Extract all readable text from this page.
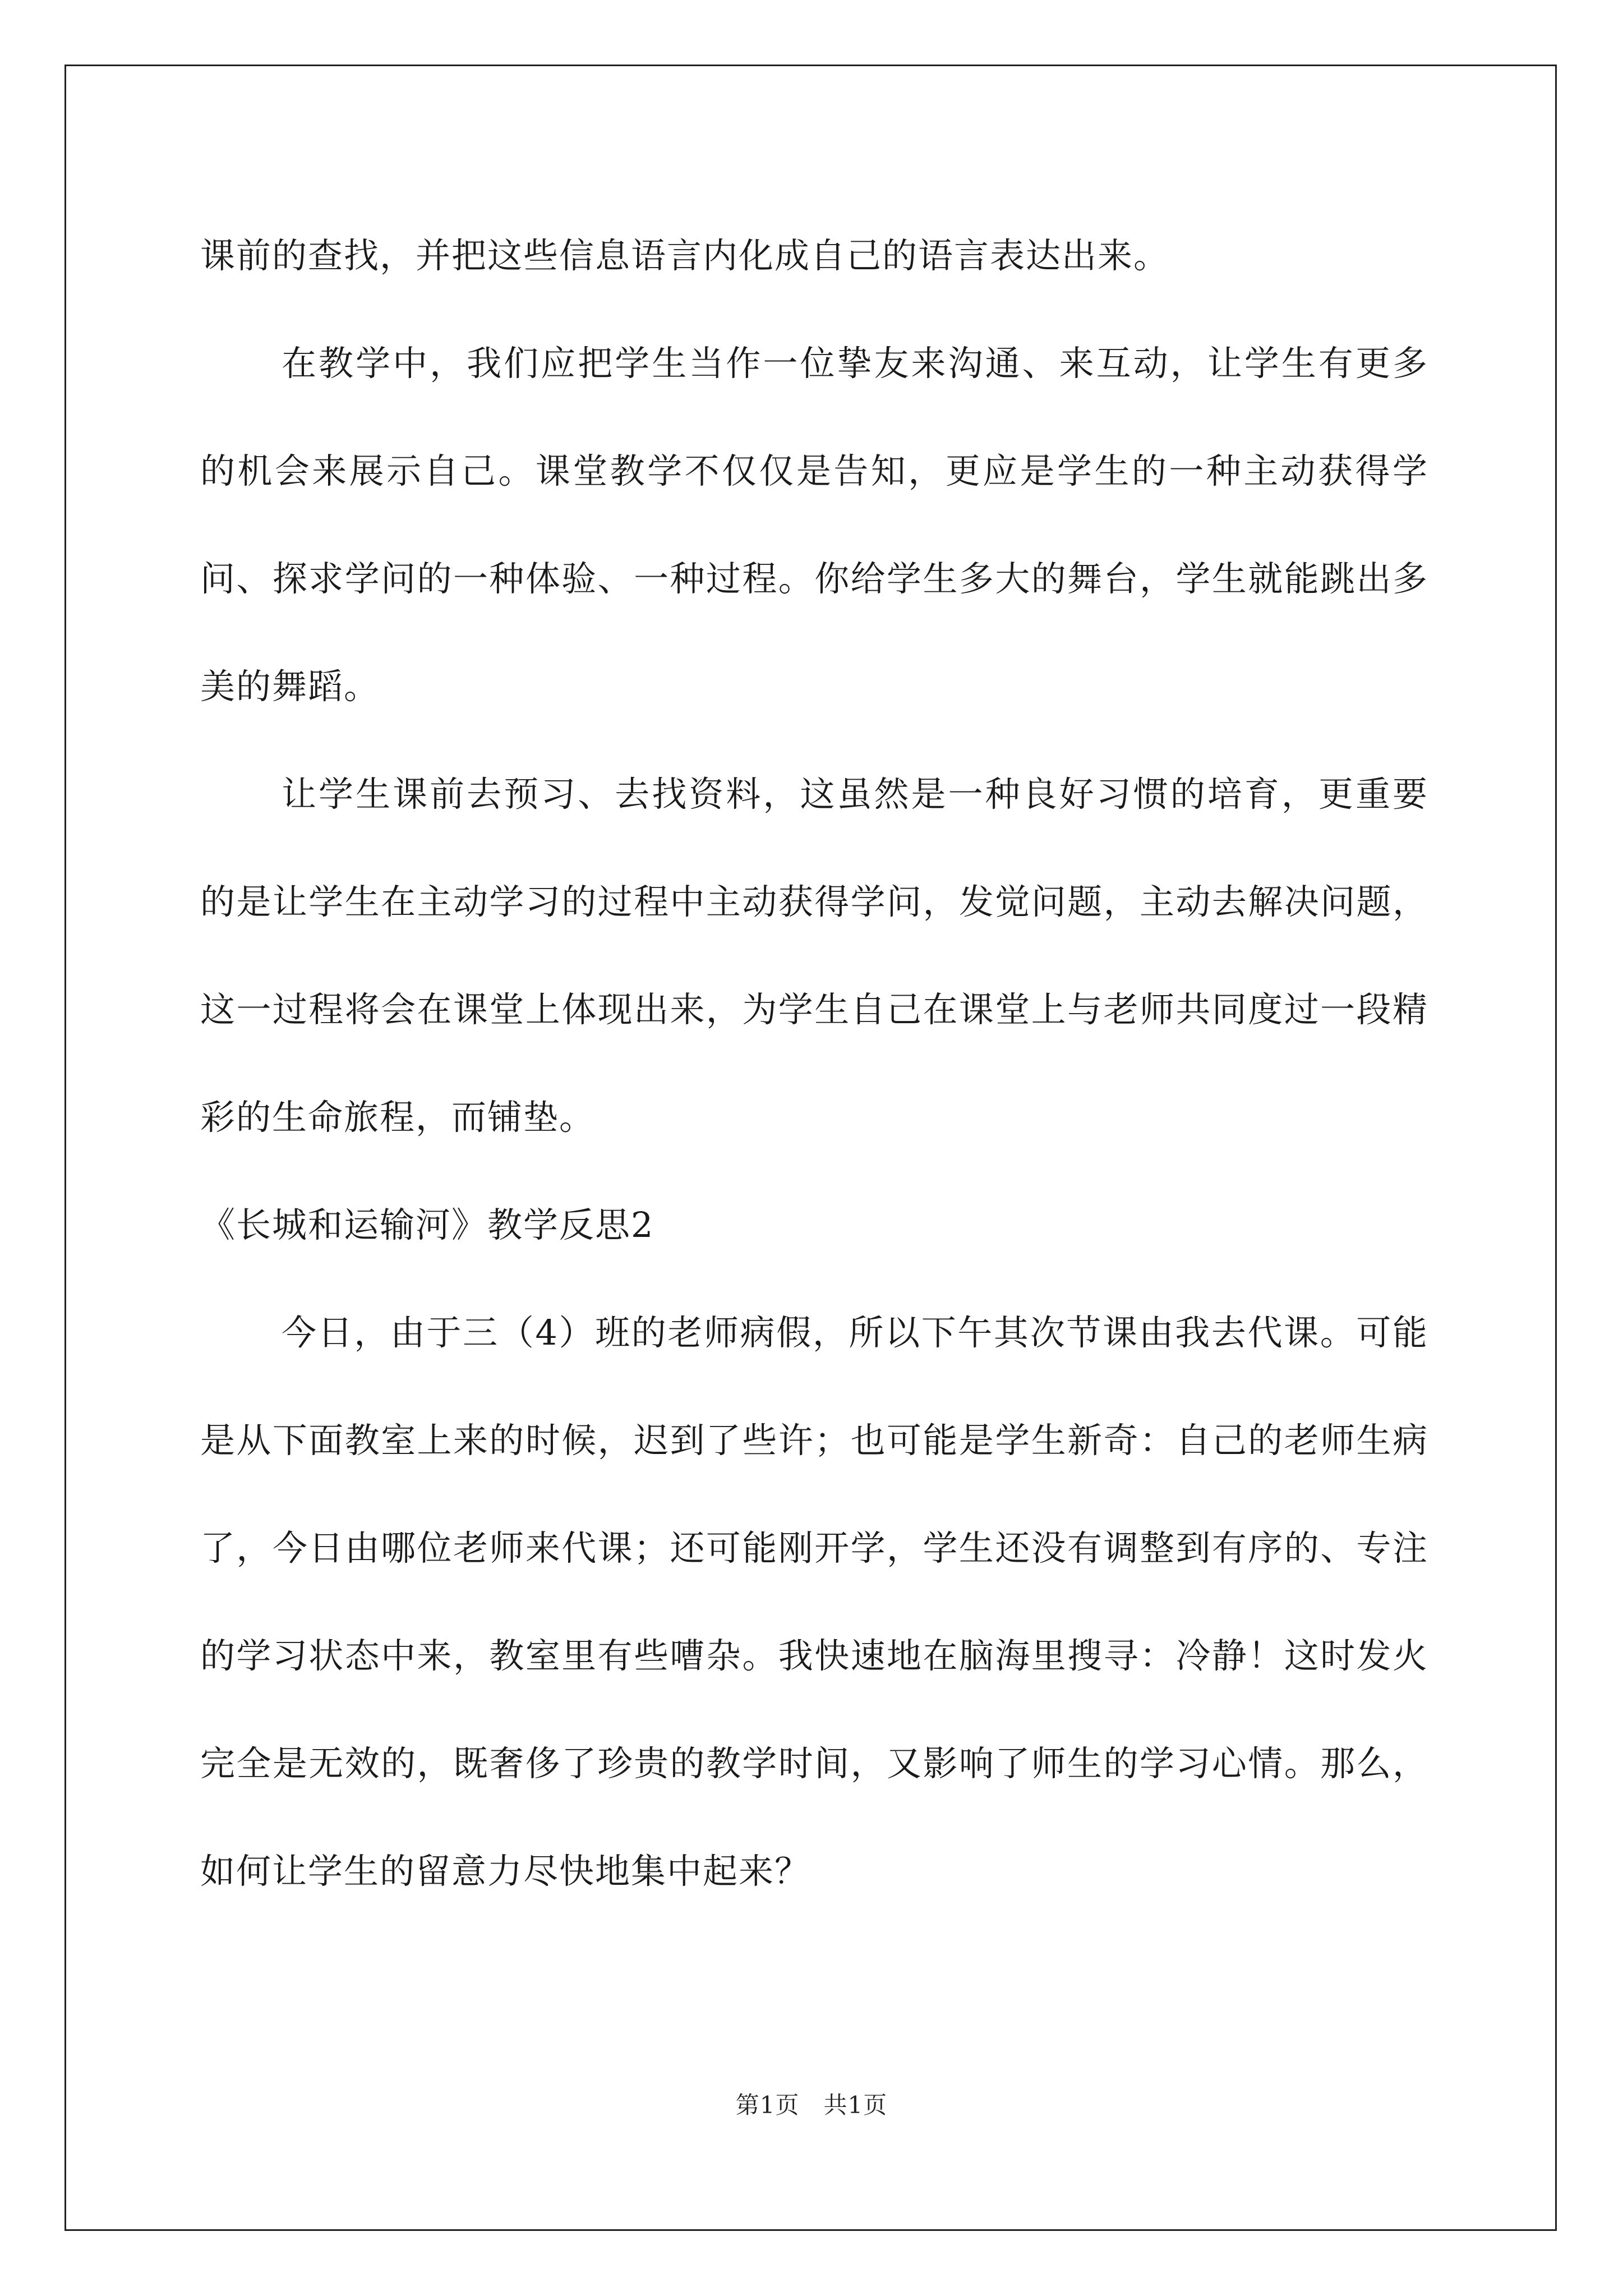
课前的查找，并把这些信息语言内化成自己的语言表达出来。

在教学中，我们应把学生当作一位挚友来沟通、来互动，让学生有更多的机会来展示自己。课堂教学不仅仅是告知，更应是学生的一种主动获得学问、探求学问的一种体验、一种过程。你给学生多大的舞台，学生就能跳出多美的舞蹈。

让学生课前去预习、去找资料，这虽然是一种良好习惯的培育，更重要的是让学生在主动学习的过程中主动获得学问，发觉问题，主动去解决问题，这一过程将会在课堂上体现出来，为学生自己在课堂上与老师共同度过一段精彩的生命旅程，而铺垫。

《长城和运输河》教学反思2

今日，由于三（4）班的老师病假，所以下午其次节课由我去代课。可能是从下面教室上来的时候，迟到了些许；也可能是学生新奇：自己的老师生病了，今日由哪位老师来代课；还可能刚开学，学生还没有调整到有序的、专注的学习状态中来，教室里有些嘈杂。我快速地在脑海里搜寻：冷静！这时发火完全是无效的，既奢侈了珍贵的教学时间，又影响了师生的学习心情。那么，如何让学生的留意力尽快地集中起来？

第1页　共1页
